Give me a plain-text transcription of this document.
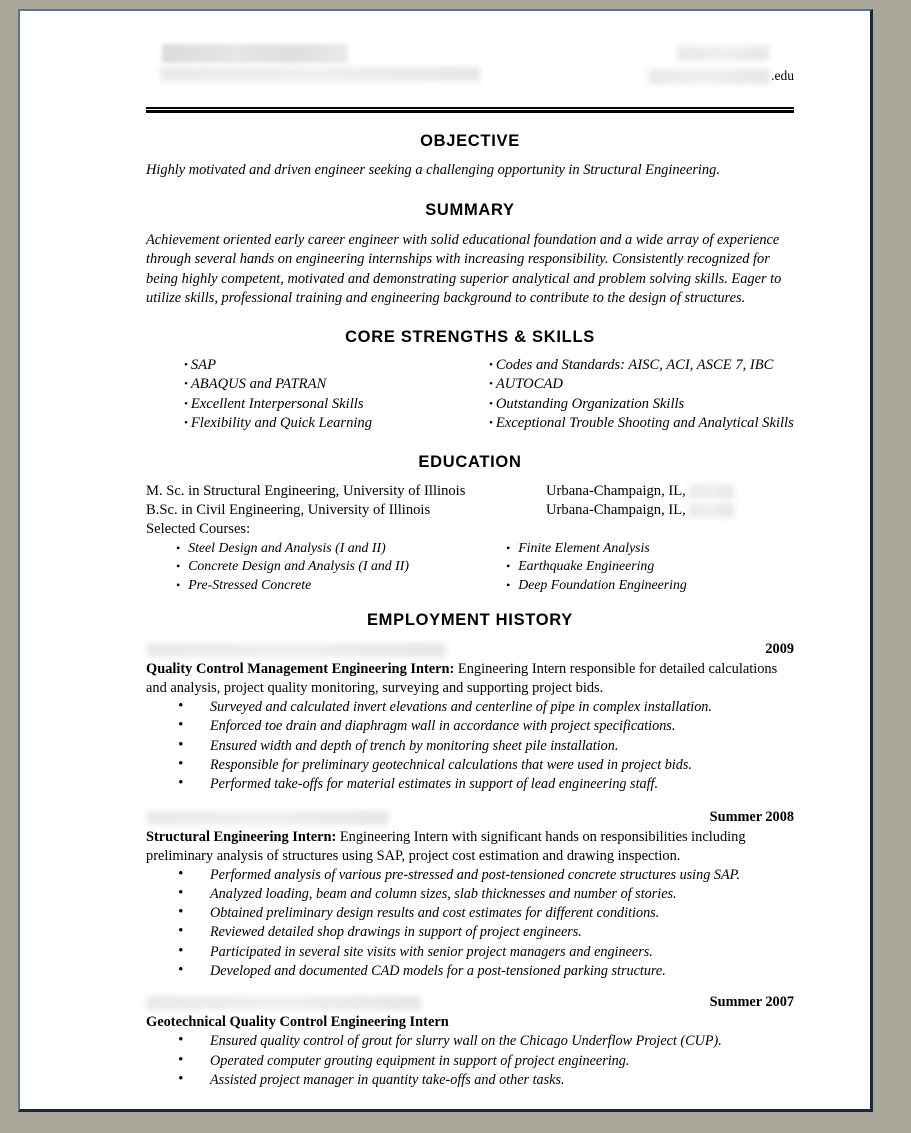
.edu
OBJECTIVE

Highly motivated and driven engineer seeking a challenging opportunity in Structural Engineering.

SUMMARY

Achievement oriented early career engineer with solid educational foundation and a wide array of experience through several hands on engineering internships with increasing responsibility. Consistently recognized for being highly competent, motivated and demonstrating superior analytical and problem solving skills. Eager to utilize skills, professional training and engineering background to contribute to the design of structures.

CORE STRENGTHS & SKILLS
• SAP
• ABAQUS and PATRAN
• Excellent Interpersonal Skills
• Flexibility and Quick Learning
• Codes and Standards: AISC, ACI, ASCE 7, IBC
• AUTOCAD
• Outstanding Organization Skills
• Exceptional Trouble Shooting and Analytical Skills
EDUCATION
M. Sc. in Structural Engineering, University of Illinois	Urbana-Champaign, IL,
B.Sc. in Civil Engineering, University of Illinois	Urbana-Champaign, IL,
Selected Courses:
• Steel Design and Analysis (I and II)
• Concrete Design and Analysis (I and II)
• Pre-Stressed Concrete
• Finite Element Analysis
• Earthquake Engineering
• Deep Foundation Engineering
EMPLOYMENT HISTORY
2009

Quality Control Management Engineering Intern: Engineering Intern responsible for detailed calculations and analysis, project quality monitoring, surveying and supporting project bids.

• Surveyed and calculated invert elevations and centerline of pipe in complex installation.
• Enforced toe drain and diaphragm wall in accordance with project specifications.
• Ensured width and depth of trench by monitoring sheet pile installation.
• Responsible for preliminary geotechnical calculations that were used in project bids.
• Performed take-offs for material estimates in support of lead engineering staff.
Summer 2008

Structural Engineering Intern: Engineering Intern with significant hands on responsibilities including preliminary analysis of structures using SAP, project cost estimation and drawing inspection.

• Performed analysis of various pre-stressed and post-tensioned concrete structures using SAP.
• Analyzed loading, beam and column sizes, slab thicknesses and number of stories.
• Obtained preliminary design results and cost estimates for different conditions.
• Reviewed detailed shop drawings in support of project engineers.
• Participated in several site visits with senior project managers and engineers.
• Developed and documented CAD models for a post-tensioned parking structure.
Summer 2007

Geotechnical Quality Control Engineering Intern

• Ensured quality control of grout for slurry wall on the Chicago Underflow Project (CUP).
• Operated computer grouting equipment in support of project engineering.
• Assisted project manager in quantity take-offs and other tasks.
